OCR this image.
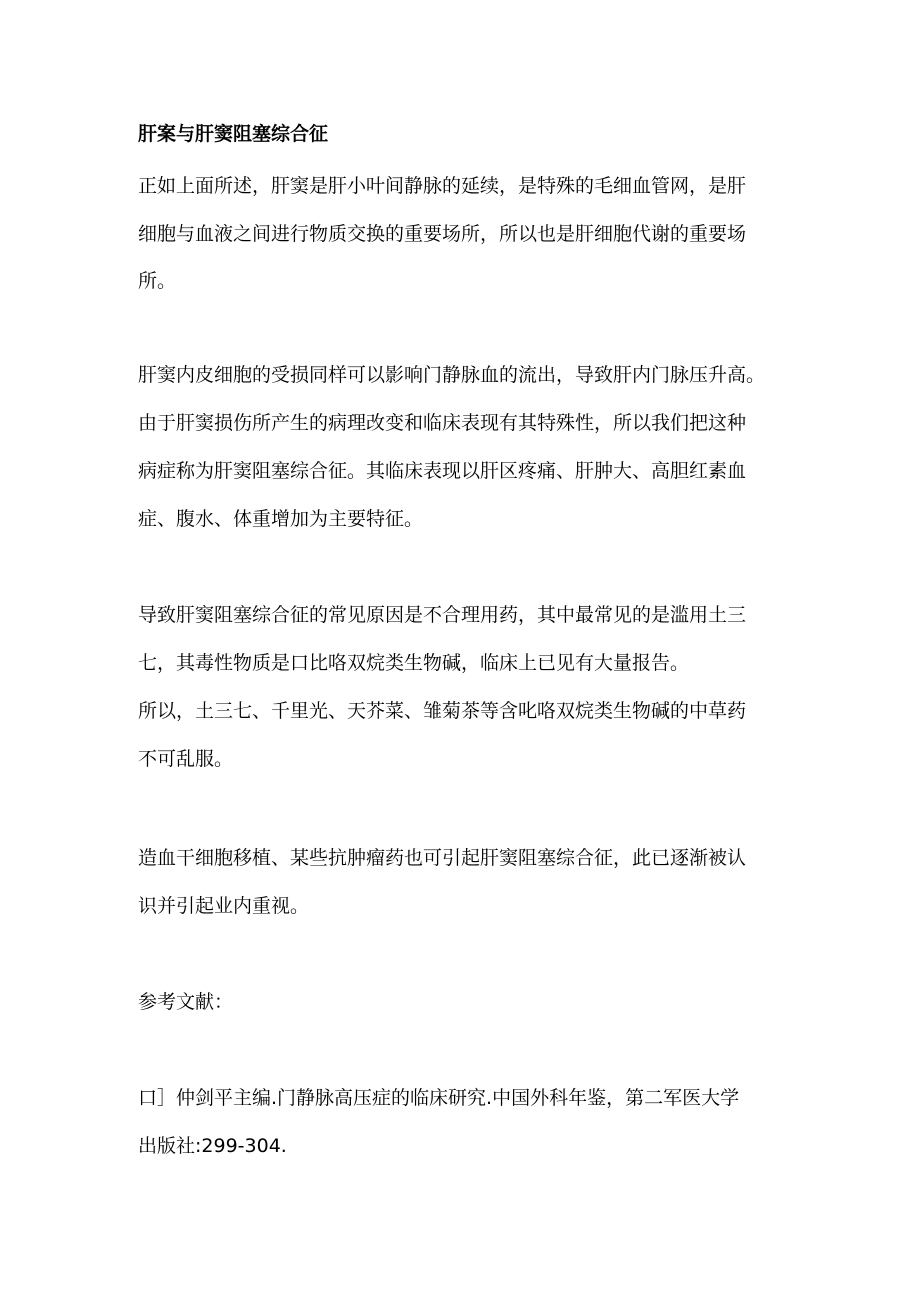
肝案与肝窦阻塞综合征

正如上面所述，肝窦是肝小叶间静脉的延续，是特殊的毛细血管网，是肝

细胞与血液之间进行物质交换的重要场所，所以也是肝细胞代谢的重要场

所。

肝窦内皮细胞的受损同样可以影响门静脉血的流出，导致肝内门脉压升高。

由于肝窦损伤所产生的病理改变和临床表现有其特殊性，所以我们把这种

病症称为肝窦阻塞综合征。其临床表现以肝区疼痛、肝肿大、高胆红素血

症、腹水、体重增加为主要特征。

导致肝窦阻塞综合征的常见原因是不合理用药，其中最常见的是滥用土三

七，其毒性物质是口比咯双烷类生物碱，临床上已见有大量报告。

所以，土三七、千里光、天芥菜、雏菊茶等含叱咯双烷类生物碱的中草药

不可乱服。

造血干细胞移植、某些抗肿瘤药也可引起肝窦阻塞综合征，此已逐渐被认

识并引起业内重视。

参考文献：

口］仲剑平主编.门静脉高压症的临床研究.中国外科年鉴，第二军医大学

出版社:299-304.
